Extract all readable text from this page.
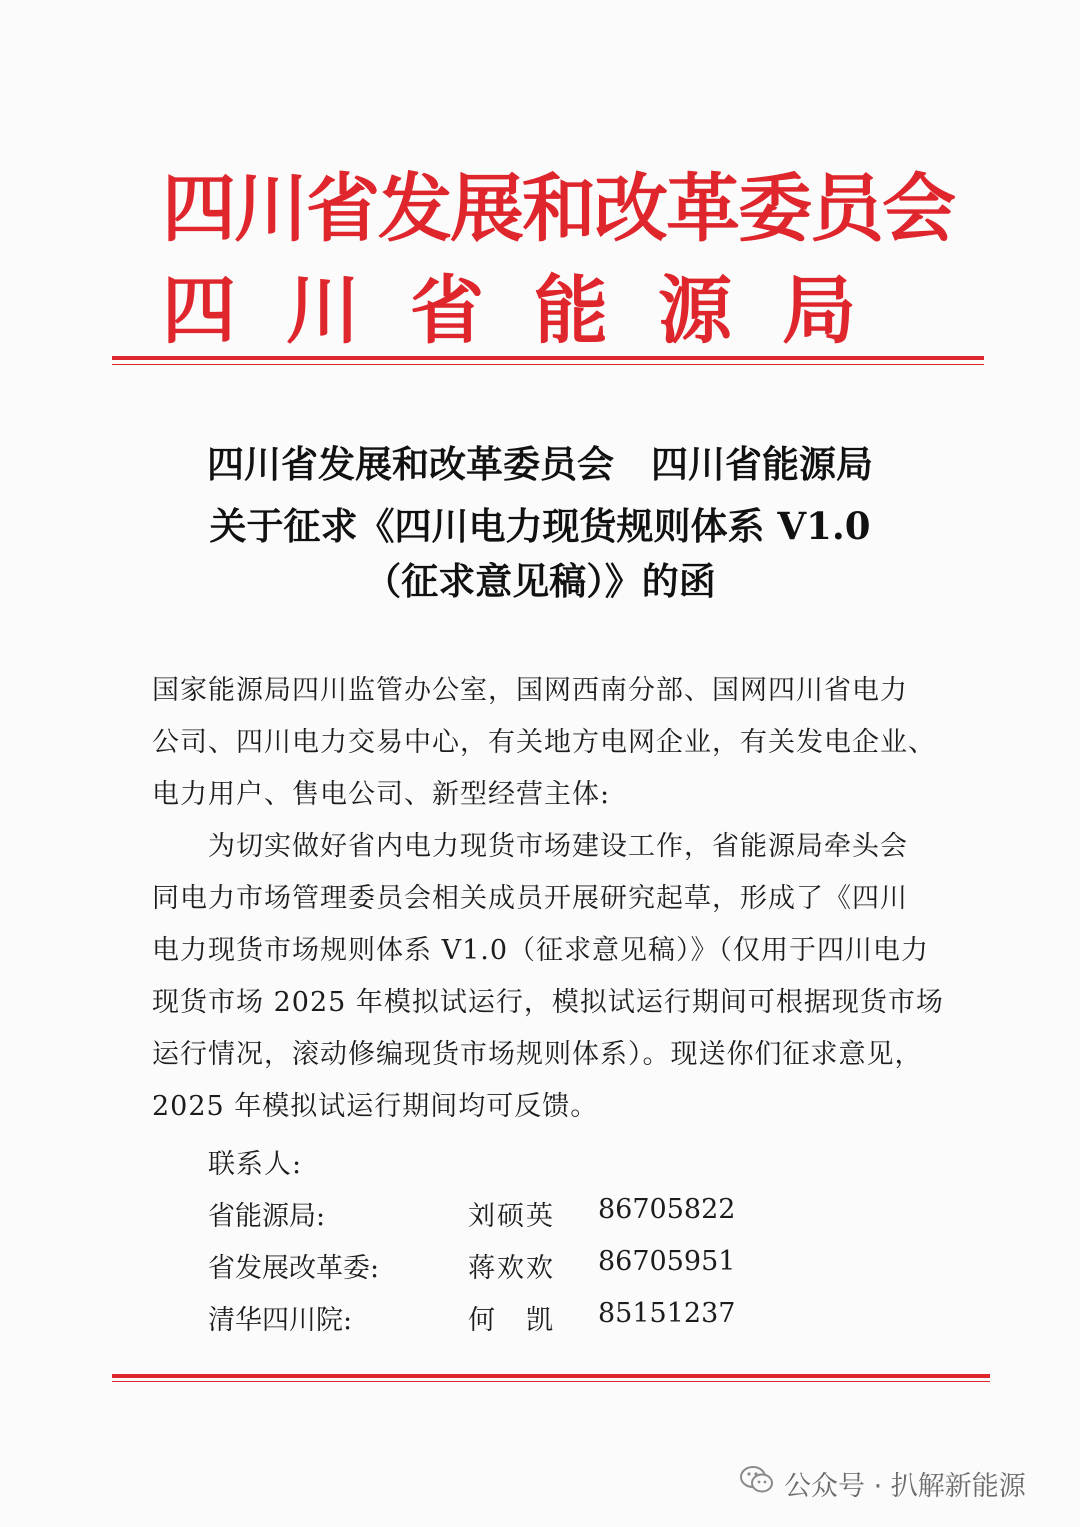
四川省发展和改革委员会
四川省能源局
四川省发展和改革委员会　四川省能源局
关于征求《四川电力现货规则体系 V1.0
（征求意见稿）》的函
国家能源局四川监管办公室，国网西南分部、国网四川省电力
公司、四川电力交易中心，有关地方电网企业，有关发电企业、
电力用户、售电公司、新型经营主体:
为切实做好省内电力现货市场建设工作，省能源局牵头会
同电力市场管理委员会相关成员开展研究起草，形成了《四川
电力现货市场规则体系 V1.0（征求意见稿）》（仅用于四川电力
现货市场 2025 年模拟试运行，模拟试运行期间可根据现货市场
运行情况，滚动修编现货市场规则体系）。现送你们征求意见，
2025 年模拟试运行期间均可反馈。
联系人:
省能源局:	刘硕英 86705822
省发展改革委:	蒋欢欢 86705951
清华四川院:	何　凯 85151237
公众号 · 扒解新能源
